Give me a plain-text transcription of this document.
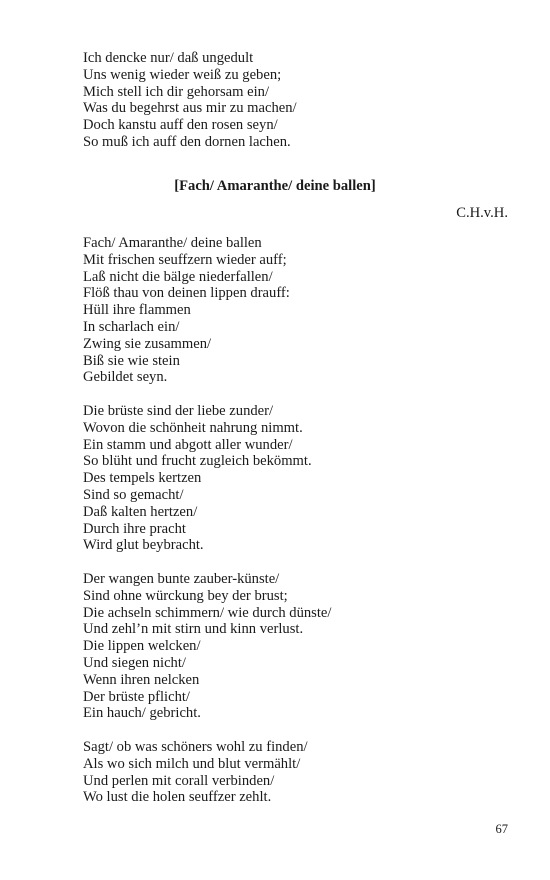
Ich dencke nur/ daß ungedult
Uns wenig wieder weiß zu geben;
Mich stell ich dir gehorsam ein/
Was du begehrst aus mir zu machen/
Doch kanstu auff den rosen seyn/
So muß ich auff den dornen lachen.
[Fach/ Amaranthe/ deine ballen]
C.H.v.H.
Fach/ Amaranthe/ deine ballen
Mit frischen seuffzern wieder auff;
Laß nicht die bälge niederfallen/
Flöß thau von deinen lippen drauff:
Hüll ihre flammen
In scharlach ein/
Zwing sie zusammen/
Biß sie wie stein
Gebildet seyn.
Die brüste sind der liebe zunder/
Wovon die schönheit nahrung nimmt.
Ein stamm und abgott aller wunder/
So blüht und frucht zugleich bekömmt.
Des tempels kertzen
Sind so gemacht/
Daß kalten hertzen/
Durch ihre pracht
Wird glut beybracht.
Der wangen bunte zauber-künste/
Sind ohne würckung bey der brust;
Die achseln schimmern/ wie durch dünste/
Und zehl’n mit stirn und kinn verlust.
Die lippen welcken/
Und siegen nicht/
Wenn ihren nelcken
Der brüste pflicht/
Ein hauch/ gebricht.
Sagt/ ob was schöners wohl zu finden/
Als wo sich milch und blut vermählt/
Und perlen mit corall verbinden/
Wo lust die holen seuffzer zehlt.
67
